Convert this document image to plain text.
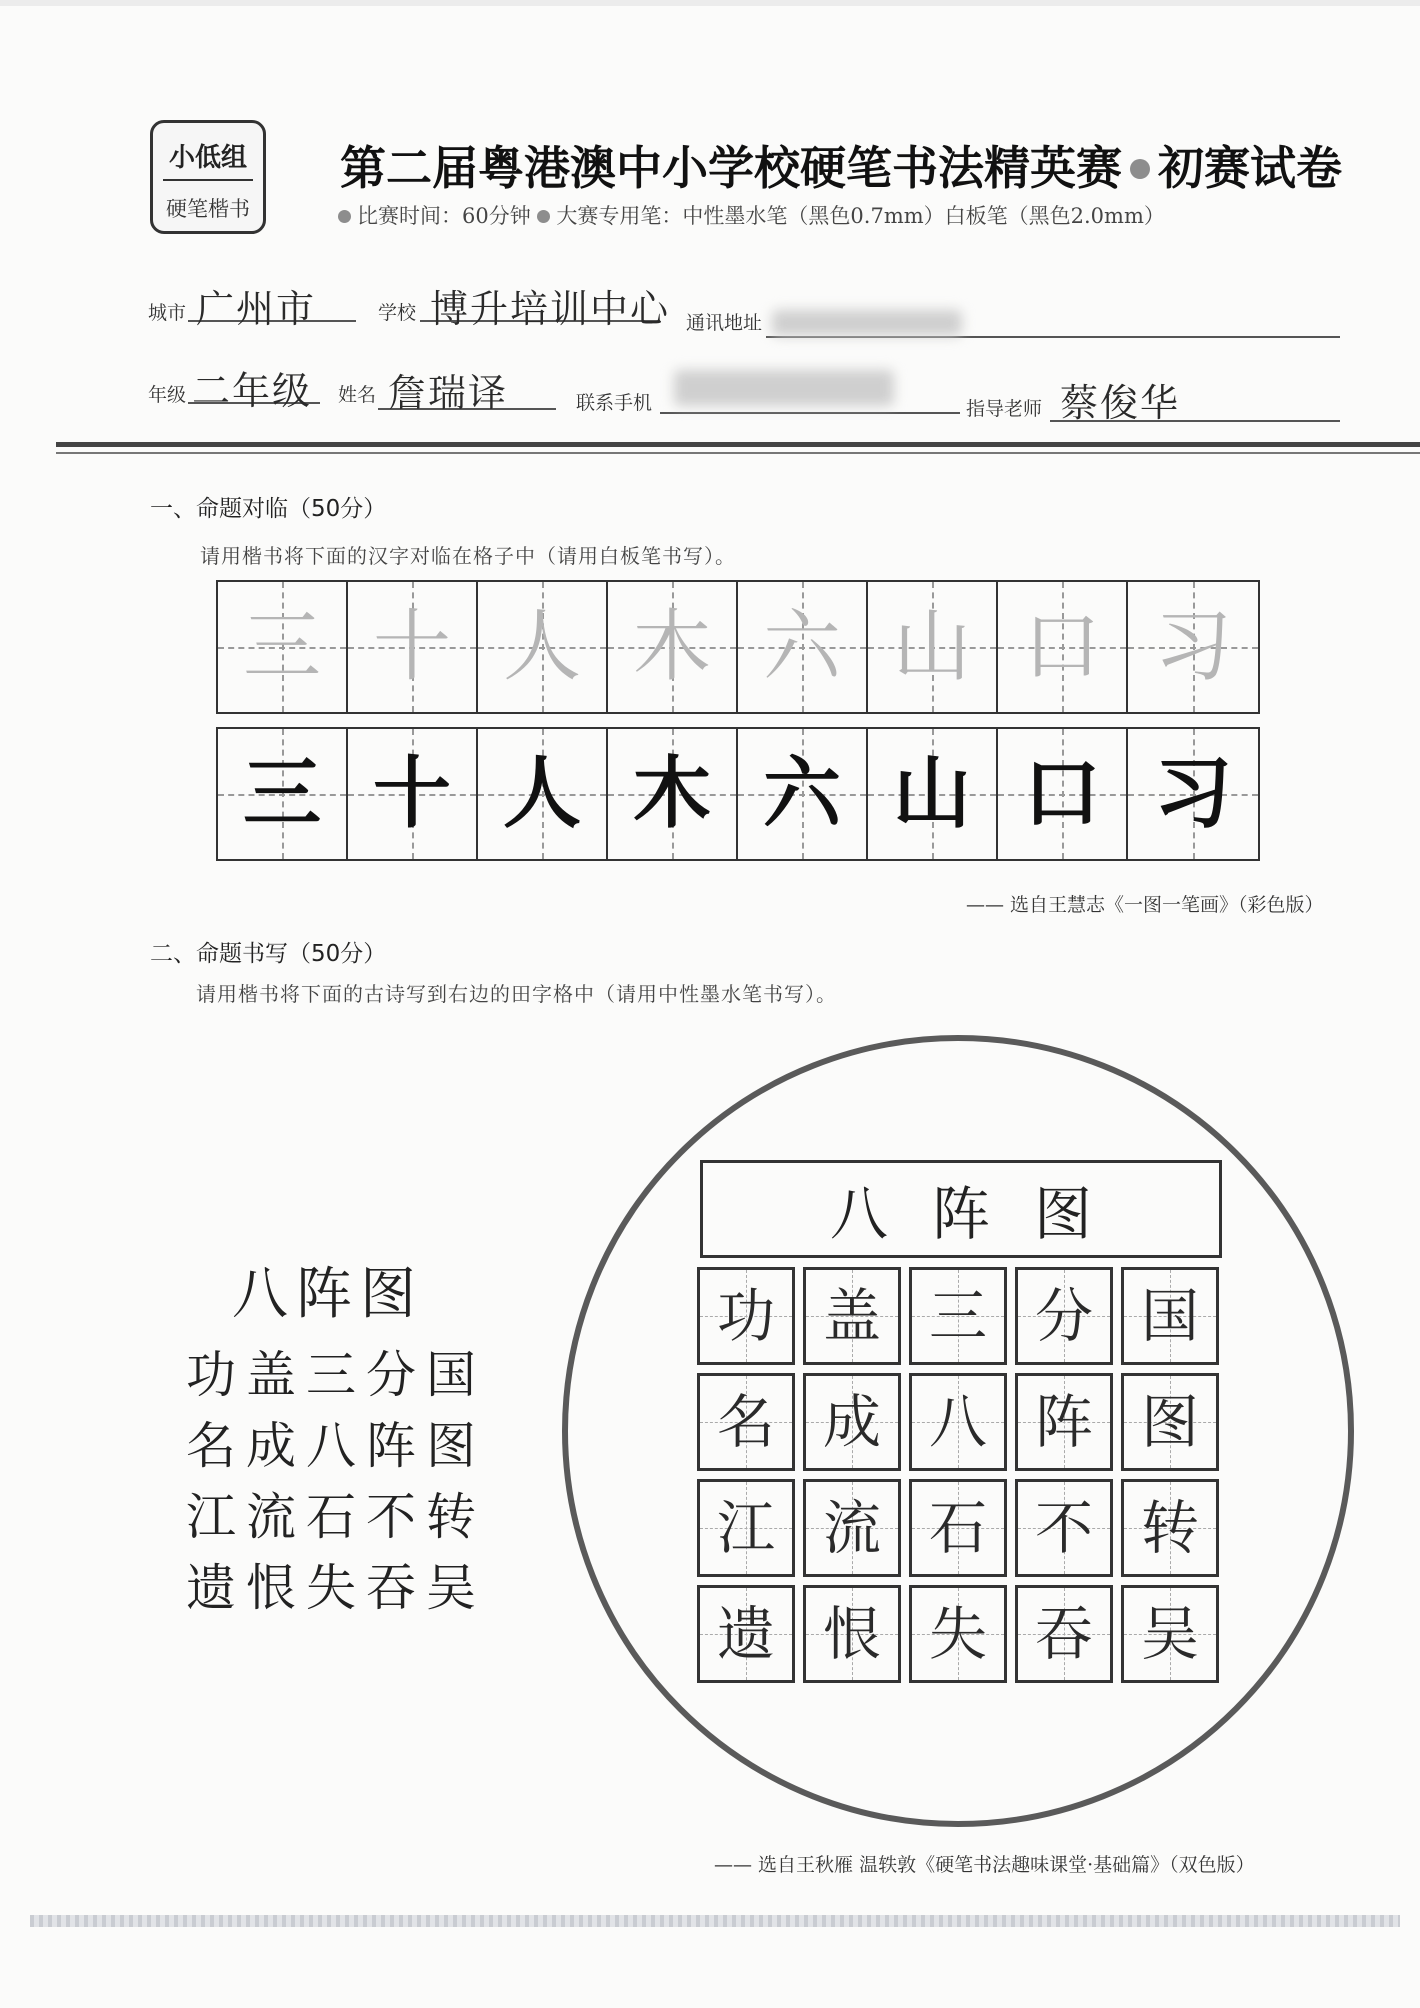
小低组
硬笔楷书
第二届粤港澳中小学校硬笔书法精英赛 初赛试卷
比赛时间：60分钟 大赛专用笔：中性墨水笔（黑色0.7mm）白板笔（黑色2.0mm）
城市 广州市	学校 博升培训中心 通讯地址
年级 二年级 姓名 詹瑞译	联系手机	指导老师 蔡俊华
一、命题对临（50分）
请用楷书将下面的汉字对临在格子中（请用白板笔书写）。
三 十 人 木 六 山 口 习
三 十 人 木 六 山 口 习
—— 选自王慧志《一图一笔画》（彩色版）
二、命题书写（50分）
请用楷书将下面的古诗写到右边的田字格中（请用中性墨水笔书写）。
八阵图
功盖三分国
名成八阵图
江流石不转
遗恨失吞吴
八阵图
功 盖 三 分 国
名 成 八 阵 图
江 流 石 不 转
遗 恨 失 吞 吴
—— 选自王秋雁 温轶敦《硬笔书法趣味课堂·基础篇》（双色版）
